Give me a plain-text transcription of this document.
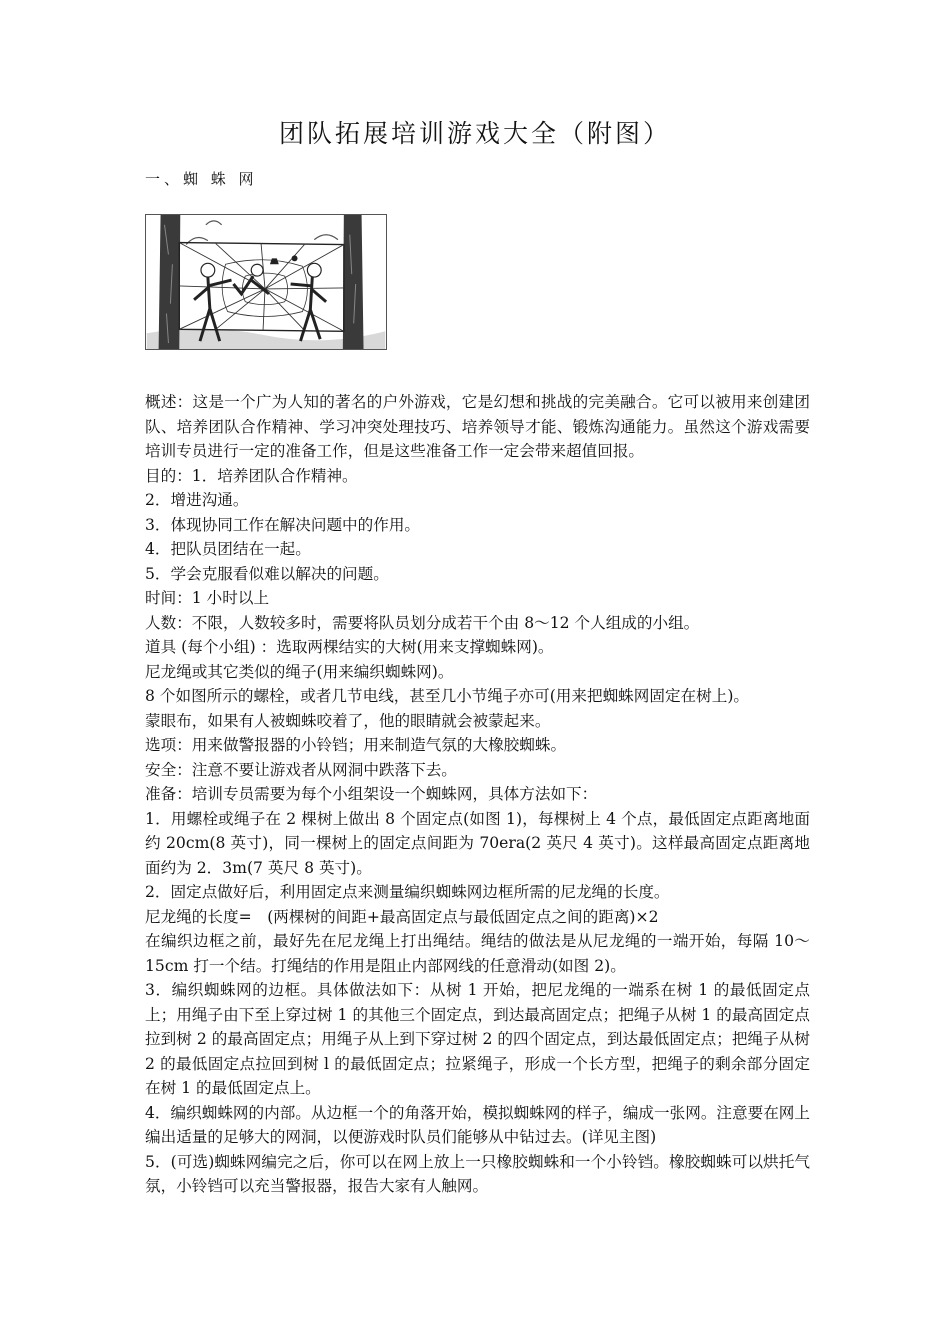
团队拓展培训游戏大全（附图）
一、蜘 蛛 网

概述：这是一个广为人知的著名的户外游戏，它是幻想和挑战的完美融合。它可以被用来创建团队、培养团队合作精神、学习冲突处理技巧、培养领导才能、锻炼沟通能力。虽然这个游戏需要培训专员进行一定的准备工作，但是这些准备工作一定会带来超值回报。

目的：1．培养团队合作精神。

2．增进沟通。

3．体现协同工作在解决问题中的作用。

4．把队员团结在一起。

5．学会克服看似难以解决的问题。

时间：1 小时以上

人数：不限，人数较多时，需要将队员划分成若干个由 8～12 个人组成的小组。

道具 (每个小组) ：选取两棵结实的大树(用来支撑蜘蛛网)。

尼龙绳或其它类似的绳子(用来编织蜘蛛网)。

8 个如图所示的螺栓，或者几节电线，甚至几小节绳子亦可(用来把蜘蛛网固定在树上)。

蒙眼布，如果有人被蜘蛛咬着了，他的眼睛就会被蒙起来。

选项：用来做警报器的小铃铛；用来制造气氛的大橡胶蜘蛛。

安全：注意不要让游戏者从网洞中跌落下去。

准备：培训专员需要为每个小组架设一个蜘蛛网，具体方法如下：

1．用螺栓或绳子在 2 棵树上做出 8 个固定点(如图 1)，每棵树上 4 个点，最低固定点距离地面约 20cm(8 英寸)，同一棵树上的固定点间距为 70era(2 英尺 4 英寸)。这样最高固定点距离地面约为 2．3m(7 英尺 8 英寸)。

2．固定点做好后，利用固定点来测量编织蜘蛛网边框所需的尼龙绳的长度。

尼龙绳的长度=　(两棵树的间距+最高固定点与最低固定点之间的距离)×2

在编织边框之前，最好先在尼龙绳上打出绳结。绳结的做法是从尼龙绳的一端开始，每隔 10～15cm 打一个结。打绳结的作用是阻止内部网线的任意滑动(如图 2)。

3．编织蜘蛛网的边框。具体做法如下：从树 1 开始，把尼龙绳的一端系在树 1 的最低固定点上；用绳子由下至上穿过树 1 的其他三个固定点，到达最高固定点；把绳子从树 1 的最高固定点拉到树 2 的最高固定点；用绳子从上到下穿过树 2 的四个固定点，到达最低固定点；把绳子从树 2 的最低固定点拉回到树 l 的最低固定点；拉紧绳子，形成一个长方型，把绳子的剩余部分固定在树 1 的最低固定点上。

4．编织蜘蛛网的内部。从边框一个的角落开始，模拟蜘蛛网的样子，编成一张网。注意要在网上编出适量的足够大的网洞，以便游戏时队员们能够从中钻过去。(详见主图)

5．(可选)蜘蛛网编完之后，你可以在网上放上一只橡胶蜘蛛和一个小铃铛。橡胶蜘蛛可以烘托气氛，小铃铛可以充当警报器，报告大家有人触网。
